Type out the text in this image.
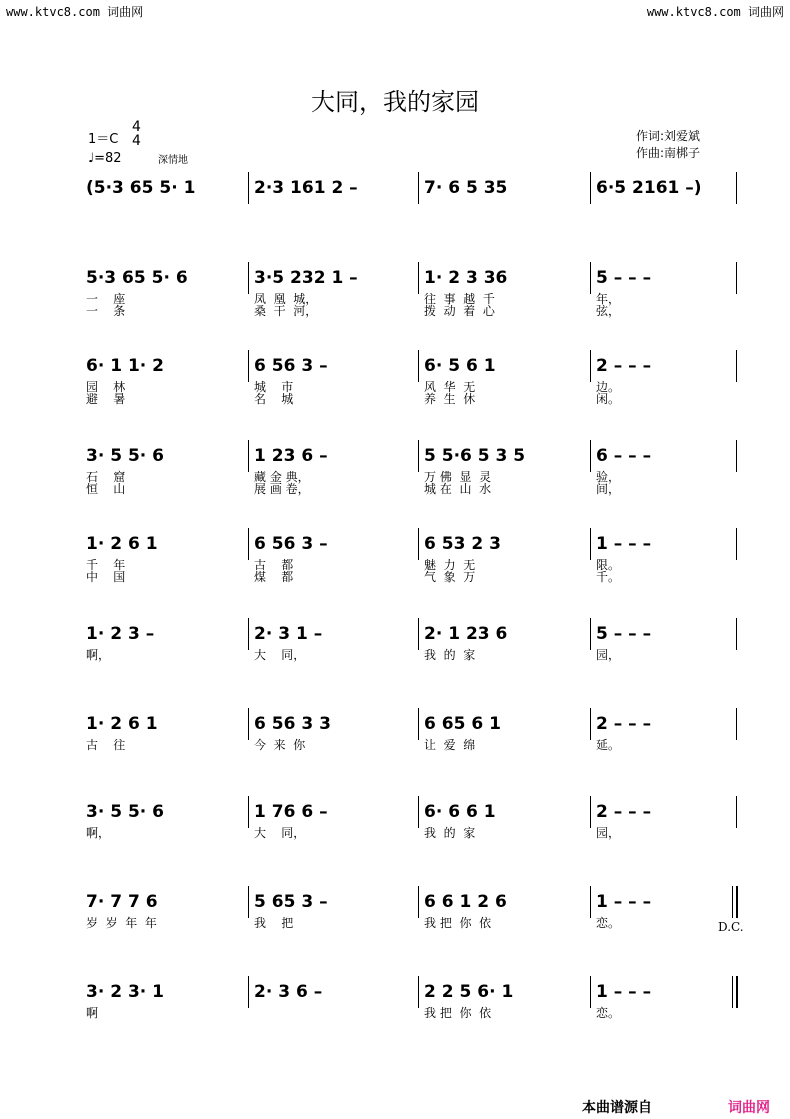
www.ktvc8.com 词曲网	www.ktvc8.com 词曲网
大同，我的家园
1＝C
4
4
♩=82	深情地
作词:刘爱斌
作曲:南梆子
(5·3 65 5· 1	2·3 161 2 –	7· 6 5 35	6·5 2161 –)
5·3 65 5· 6
一    座
一    条
3·5 232 1 –
凤  凰  城，
桑  干  河，
1· 2 3 36
往  事  越  千
拨  动  着  心
5 – – –
年，
弦，
6· 1 1· 2
园    林
避    暑
6 56 3 –
城    市
名    城
6· 5 6 1
风  华  无
养  生  休
2 – – –
边。
闲。
3· 5 5· 6
石    窟
恒    山
1 23 6 –
藏 金 典，
展 画 卷，
5 5·6 5 3 5
万 佛  显  灵
城 在  山  水
6 – – –
验，
间，
1· 2 6 1
千    年
中    国
6 56 3 –
古    都
煤    都
6 53 2 3
魅  力  无
气  象  万
1 – – –
限。
千。
1· 2 3 –
啊，
2· 3 1 –
大    同，
2· 1 23 6
我  的  家
5 – – –
园，
1· 2 6 1
古    往
6 56 3 3
今  来  你
6 65 6 1
让  爱  绵
2 – – –
延。
3· 5 5· 6
啊，
1 76 6 –
大    同，
6· 6 6 1
我  的  家
2 – – –
园，
7· 7 7 6
岁  岁  年  年
5 65 3 –
我    把
6 6 1 2 6
我 把  你  依
1 – – –
恋。
3· 2 3· 1
啊
2· 3 6 –	2 2 5 6· 1
我 把  你  依
1 – – –
恋。
D.C.
本曲谱源自	词曲网
